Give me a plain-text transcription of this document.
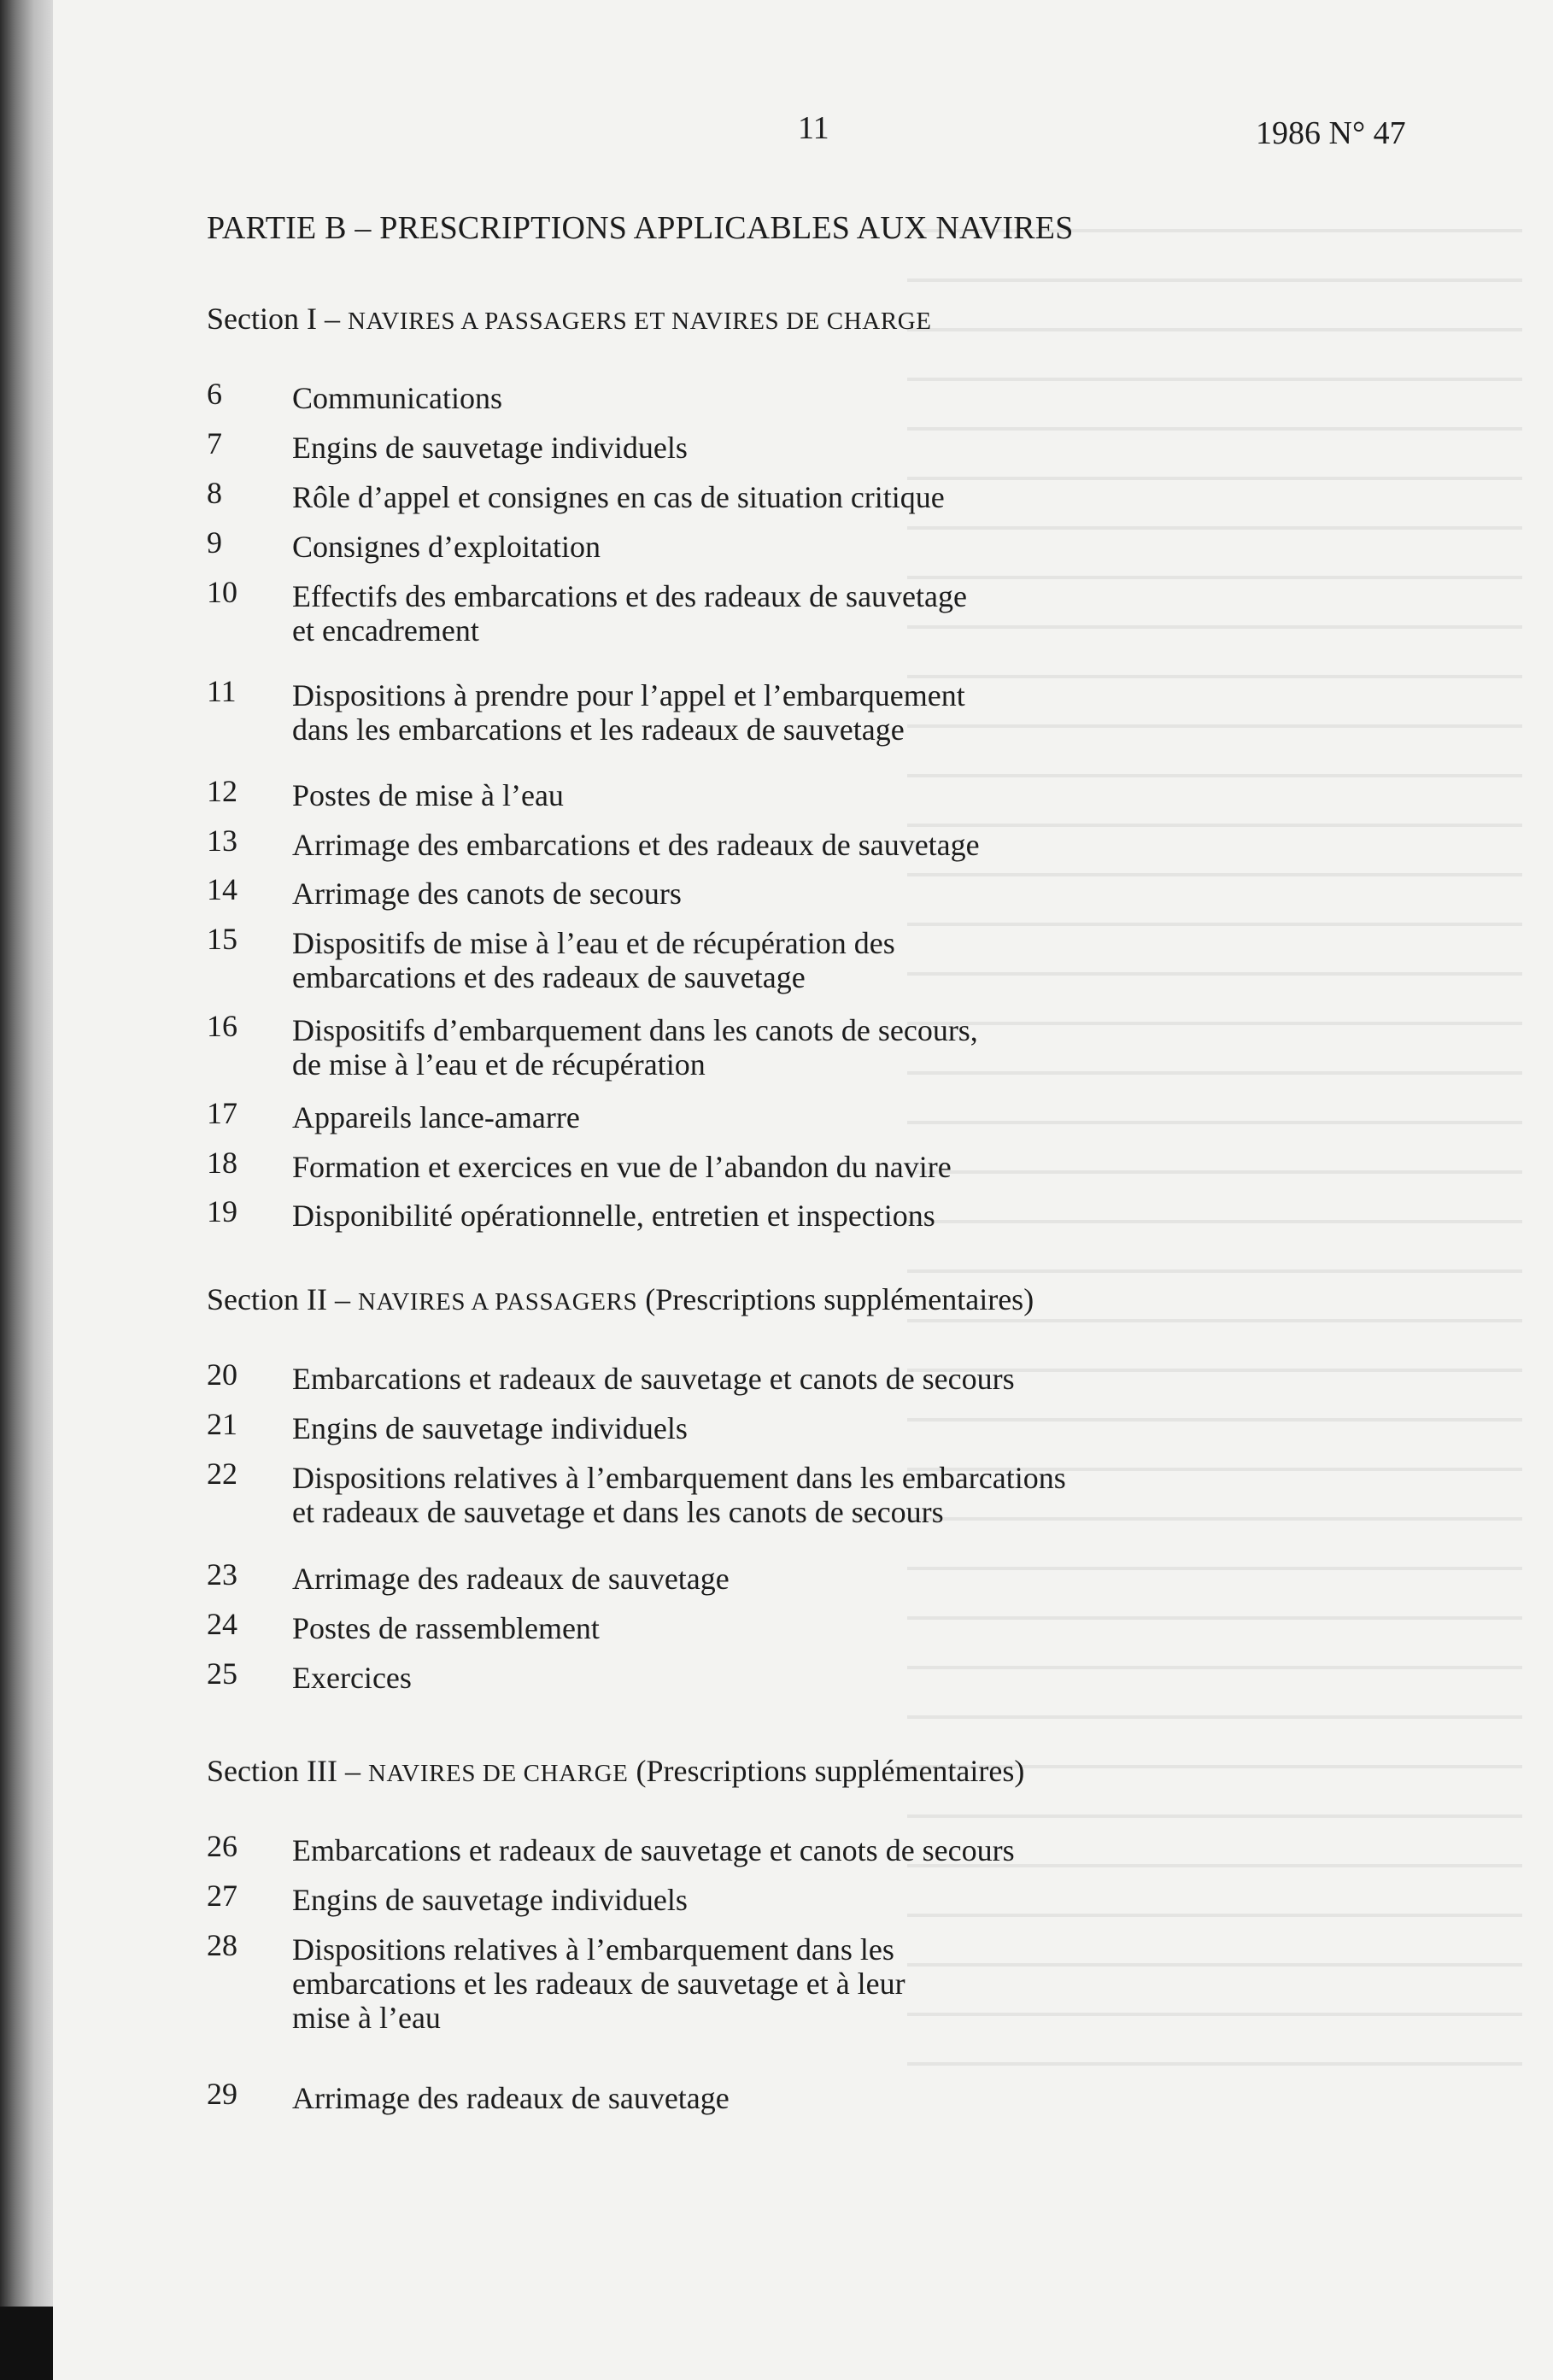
11	1986 N° 47
PARTIE B – PRESCRIPTIONS APPLICABLES AUX NAVIRES
Section I – NAVIRES A PASSAGERS ET NAVIRES DE CHARGE
6 Communications
7 Engins de sauvetage individuels
8 Rôle d’appel et consignes en cas de situation critique
9 Consignes d’exploitation
10 Effectifs des embarcations et des radeaux de sauvetage
et encadrement
11 Dispositions à prendre pour l’appel et l’embarquement
dans les embarcations et les radeaux de sauvetage
12 Postes de mise à l’eau
13 Arrimage des embarcations et des radeaux de sauvetage
14 Arrimage des canots de secours
15 Dispositifs de mise à l’eau et de récupération des
embarcations et des radeaux de sauvetage
16 Dispositifs d’embarquement dans les canots de secours,
de mise à l’eau et de récupération
17 Appareils lance-amarre
18 Formation et exercices en vue de l’abandon du navire
19 Disponibilité opérationnelle, entretien et inspections
Section II – NAVIRES A PASSAGERS (Prescriptions supplémentaires)
20 Embarcations et radeaux de sauvetage et canots de secours
21 Engins de sauvetage individuels
22 Dispositions relatives à l’embarquement dans les embarcations
et radeaux de sauvetage et dans les canots de secours
23 Arrimage des radeaux de sauvetage
24 Postes de rassemblement
25 Exercices
Section III – NAVIRES DE CHARGE (Prescriptions supplémentaires)
26 Embarcations et radeaux de sauvetage et canots de secours
27 Engins de sauvetage individuels
28 Dispositions relatives à l’embarquement dans les
embarcations et les radeaux de sauvetage et à leur
mise à l’eau
29 Arrimage des radeaux de sauvetage
